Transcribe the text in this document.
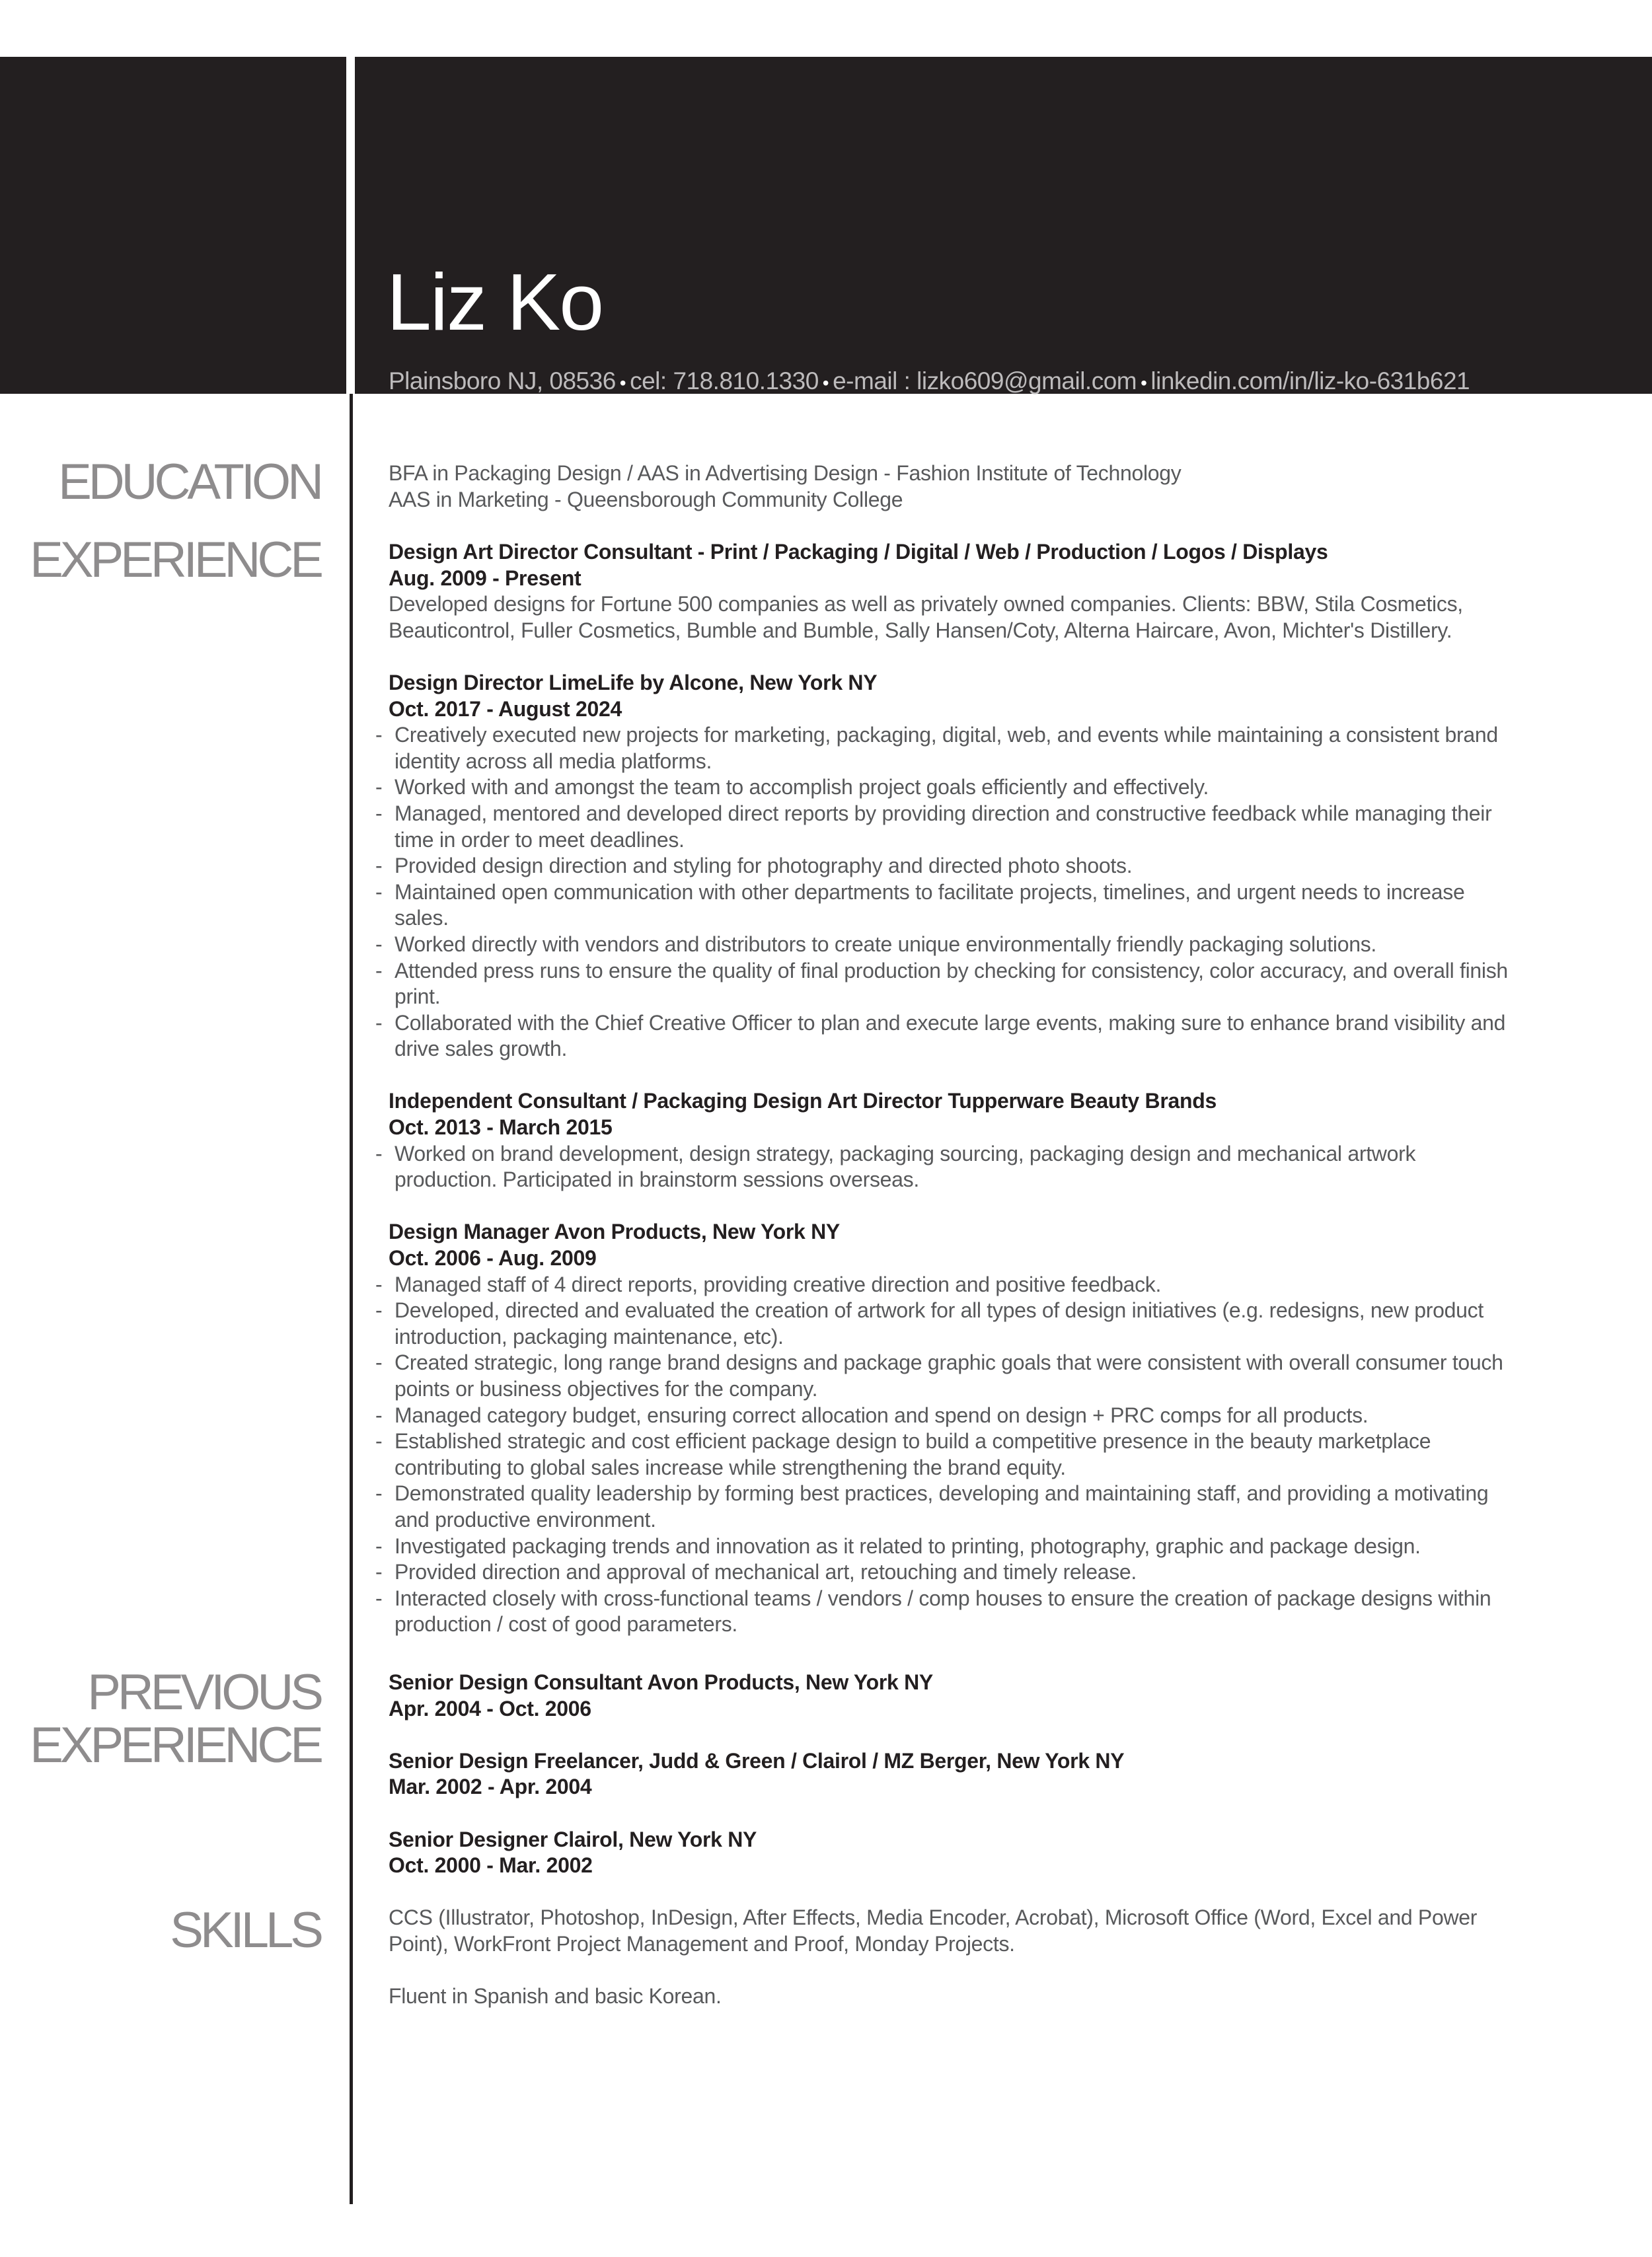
Liz Ko
Plainsboro NJ, 08536 • cel: 718.810.1330 • e-mail : lizko609@gmail.com • linkedin.com/in/liz-ko-631b621
EDUCATION
EXPERIENCE
PREVIOUS
EXPERIENCE
SKILLS

BFA in Packaging Design / AAS in Advertising Design - Fashion Institute of Technology

AAS in Marketing - Queensborough Community College

Design Art Director Consultant - Print / Packaging / Digital / Web / Production / Logos / Displays

Aug. 2009 - Present

Developed designs for Fortune 500 companies as well as privately owned companies. Clients: BBW, Stila Cosmetics, Beauticontrol, Fuller Cosmetics, Bumble and Bumble, Sally Hansen/Coty, Alterna Haircare, Avon, Michter's Distillery.

Design Director LimeLife by Alcone, New York NY

Oct. 2017 - August 2024

- Creatively executed new projects for marketing, packaging, digital, web, and events while maintaining a consistent brand identity across all media platforms.
- Worked with and amongst the team to accomplish project goals efficiently and effectively.
- Managed, mentored and developed direct reports by providing direction and constructive feedback while managing their time in order to meet deadlines.
- Provided design direction and styling for photography and directed photo shoots.
- Maintained open communication with other departments to facilitate projects, timelines, and urgent needs to increase sales.
- Worked directly with vendors and distributors to create unique environmentally friendly packaging solutions.
- Attended press runs to ensure the quality of final production by checking for consistency, color accuracy, and overall finish print.
- Collaborated with the Chief Creative Officer to plan and execute large events, making sure to enhance brand visibility and drive sales growth.

Independent Consultant / Packaging Design Art Director Tupperware Beauty Brands

Oct. 2013 - March 2015

- Worked on brand development, design strategy, packaging sourcing, packaging design and mechanical artwork production. Participated in brainstorm sessions overseas.

Design Manager Avon Products, New York NY

Oct. 2006 - Aug. 2009

- Managed staff of 4 direct reports, providing creative direction and positive feedback.
- Developed, directed and evaluated the creation of artwork for all types of design initiatives (e.g. redesigns, new product introduction, packaging maintenance, etc).
- Created strategic, long range brand designs and package graphic goals that were consistent with overall consumer touch points or business objectives for the company.
- Managed category budget, ensuring correct allocation and spend on design + PRC comps for all products.
- Established strategic and cost efficient package design to build a competitive presence in the beauty marketplace contributing to global sales increase while strengthening the brand equity.
- Demonstrated quality leadership by forming best practices, developing and maintaining staff, and providing a motivating and productive environment.
- Investigated packaging trends and innovation as it related to printing, photography, graphic and package design.
- Provided direction and approval of mechanical art, retouching and timely release.
- Interacted closely with cross-functional teams / vendors / comp houses to ensure the creation of package designs within production / cost of good parameters.

Senior Design Consultant Avon Products, New York NY

Apr. 2004 - Oct. 2006

Senior Design Freelancer, Judd & Green / Clairol / MZ Berger, New York NY

Mar. 2002 - Apr. 2004

Senior Designer Clairol, New York NY

Oct. 2000 - Mar. 2002

CCS (Illustrator, Photoshop, InDesign, After Effects, Media Encoder, Acrobat), Microsoft Office (Word, Excel and Power Point), WorkFront Project Management and Proof, Monday Projects.

Fluent in Spanish and basic Korean.
